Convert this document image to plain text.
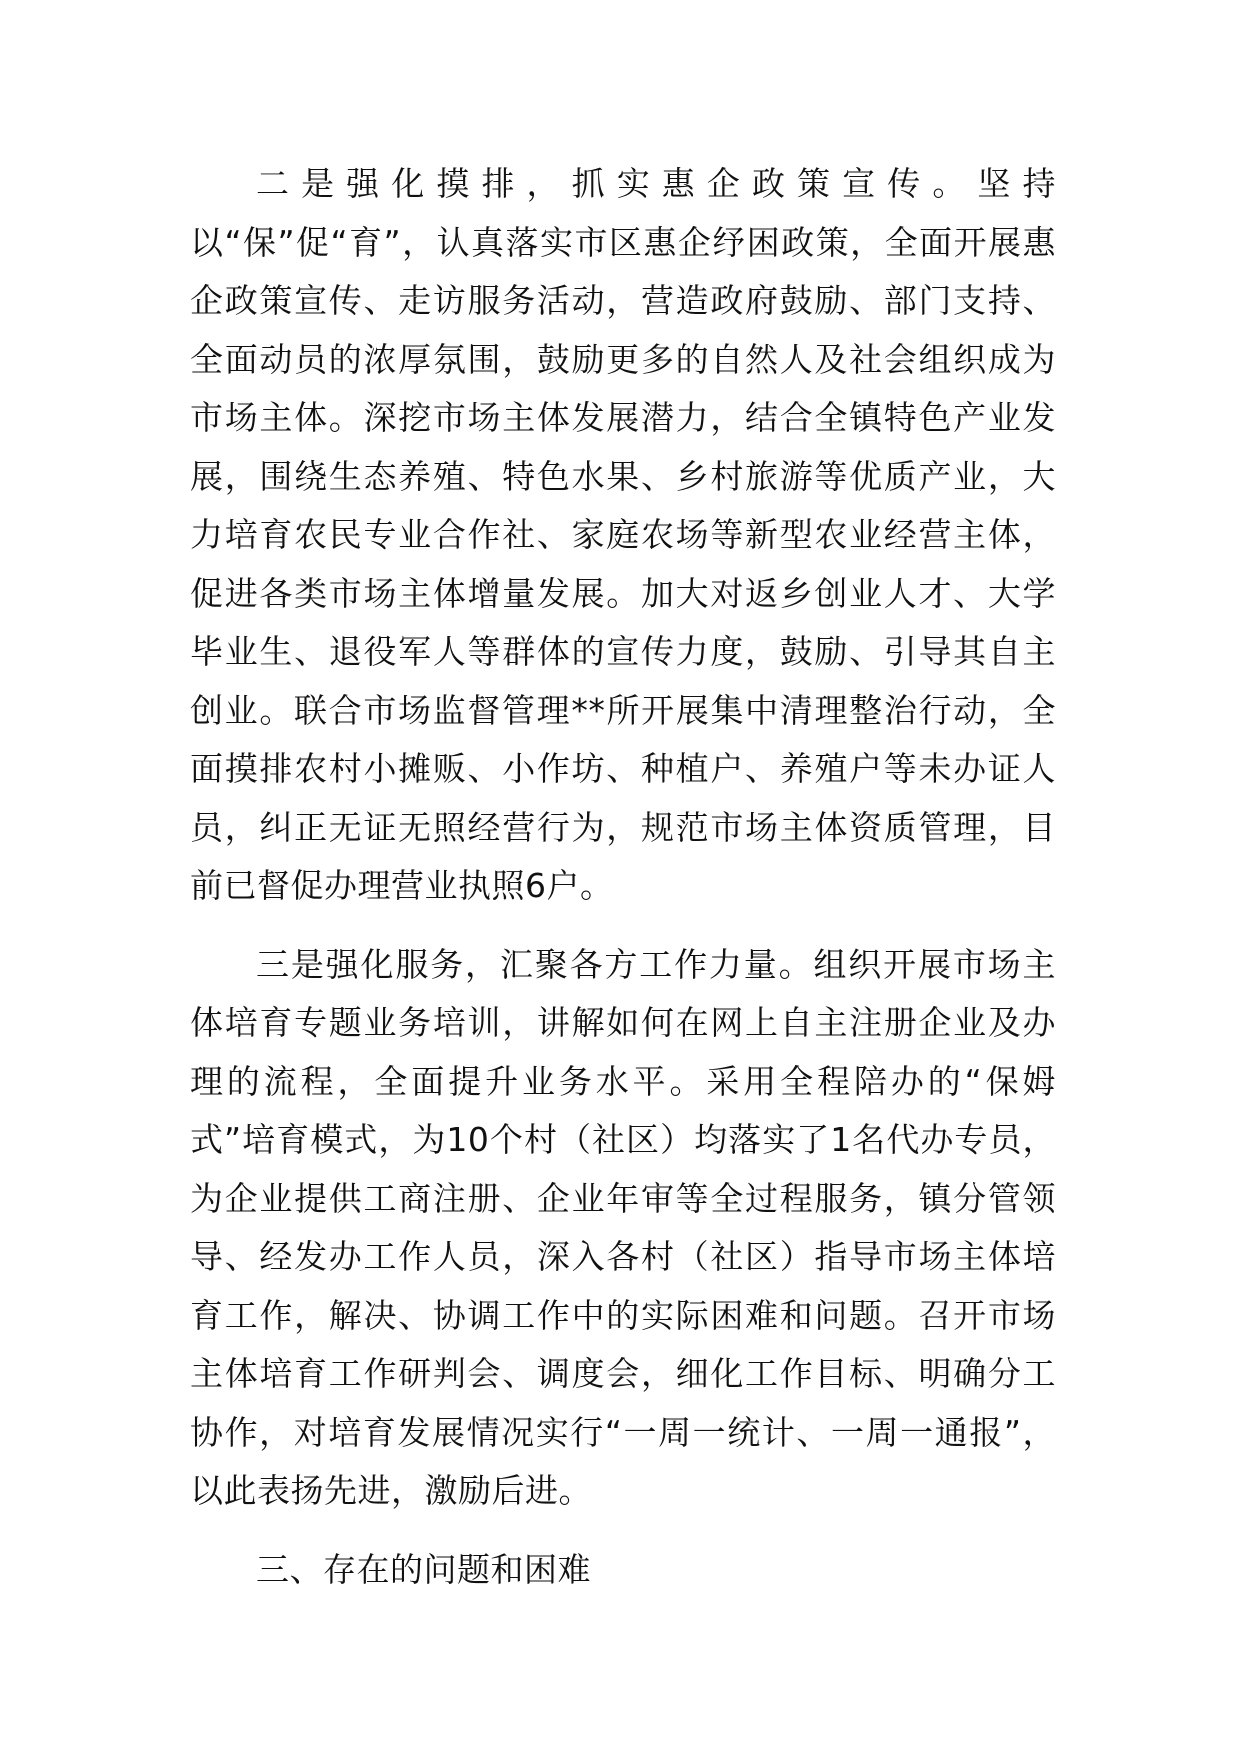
二是强化摸排，抓实惠企政策宣传。坚持以“保”促“育”，认真落实市区惠企纾困政策，全面开展惠企政策宣传、走访服务活动，营造政府鼓励、部门支持、全面动员的浓厚氛围，鼓励更多的自然人及社会组织成为市场主体。深挖市场主体发展潜力，结合全镇特色产业发展，围绕生态养殖、特色水果、乡村旅游等优质产业，大力培育农民专业合作社、家庭农场等新型农业经营主体，促进各类市场主体增量发展。加大对返乡创业人才、大学毕业生、退役军人等群体的宣传力度，鼓励、引导其自主创业。联合市场监督管理**所开展集中清理整治行动，全面摸排农村小摊贩、小作坊、种植户、养殖户等未办证人员，纠正无证无照经营行为，规范市场主体资质管理，目前已督促办理营业执照6户。

三是强化服务，汇聚各方工作力量。组织开展市场主体培育专题业务培训，讲解如何在网上自主注册企业及办理的流程，全面提升业务水平。采用全程陪办的“保姆式”培育模式，为10个村（社区）均落实了1名代办专员，为企业提供工商注册、企业年审等全过程服务，镇分管领导、经发办工作人员，深入各村（社区）指导市场主体培育工作，解决、协调工作中的实际困难和问题。召开市场主体培育工作研判会、调度会，细化工作目标、明确分工协作，对培育发展情况实行“一周一统计、一周一通报”，以此表扬先进，激励后进。

三、存在的问题和困难
